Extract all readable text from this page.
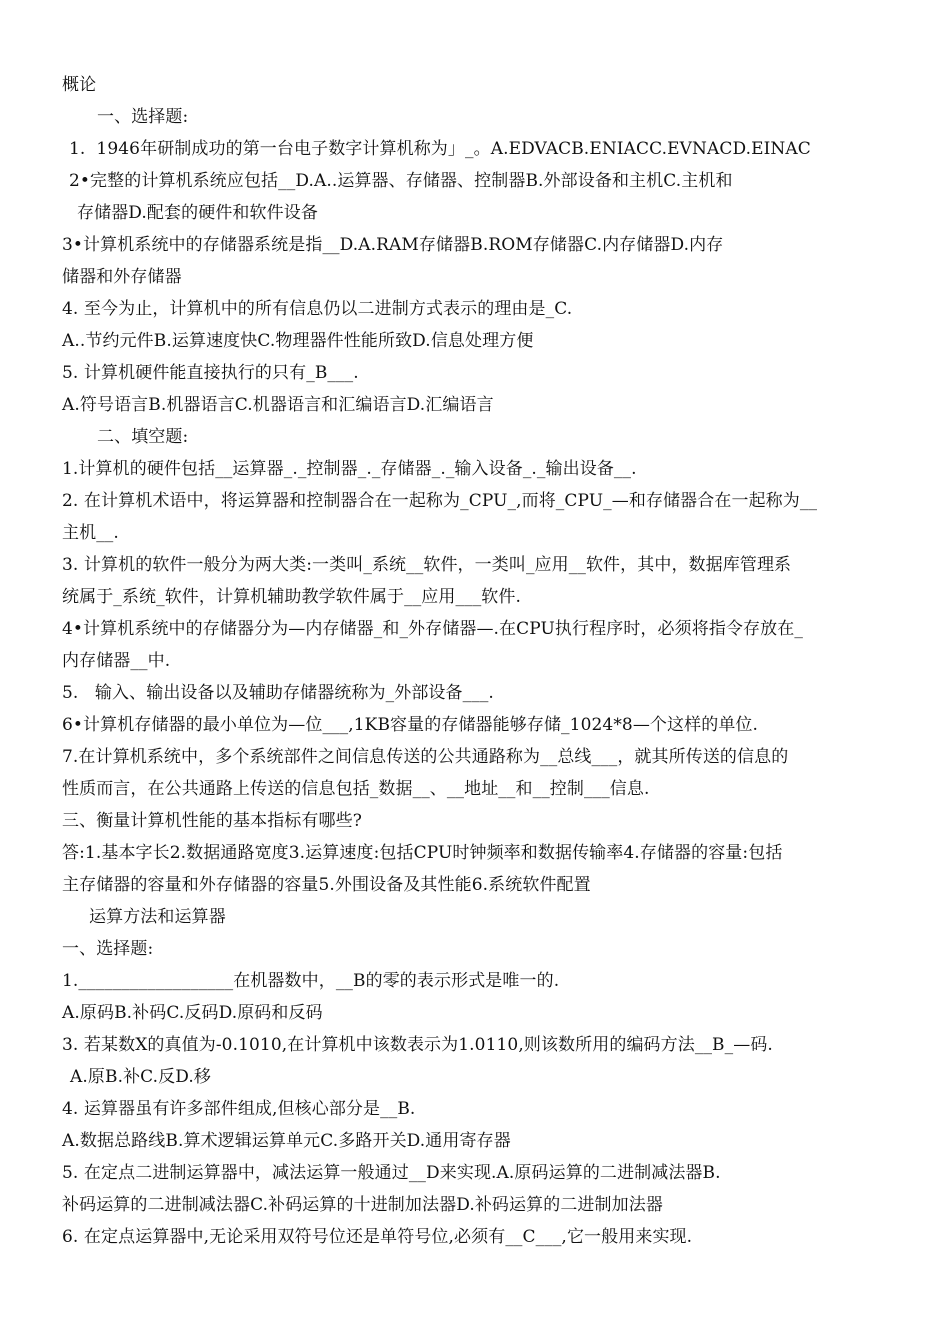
概论
一、选择题:
1.  1946年研制成功的第一台电子数字计算机称为」_。A.EDVACB.ENIACC.EVNACD.EINAC
2•完整的计算机系统应包括__D.A..运算器、存储器、控制器B.外部设备和主机C.主机和
存储器D.配套的硬件和软件设备
3•计算机系统中的存储器系统是指__D.A.RAM存储器B.ROM存储器C.内存储器D.内存
储器和外存储器
4. 至今为止，计算机中的所有信息仍以二进制方式表示的理由是_C.
A..节约元件B.运算速度快C.物理器件性能所致D.信息处理方便
5. 计算机硬件能直接执行的只有_B___.
A.符号语言B.机器语言C.机器语言和汇编语言D.汇编语言
二、填空题:
1.计算机的硬件包括__运算器_._控制器_._存储器_._输入设备_._输出设备__.
2. 在计算机术语中，将运算器和控制器合在一起称为_CPU_,而将_CPU_—和存储器合在一起称为__
主机__.
3. 计算机的软件一般分为两大类:一类叫_系统__软件，一类叫_应用__软件，其中，数据库管理系
统属于_系统_软件，计算机辅助教学软件属于__应用___软件.
4•计算机系统中的存储器分为—内存储器_和_外存储器—.在CPU执行程序时，必须将指令存放在_
内存储器__中.
5.   输入、输出设备以及辅助存储器统称为_外部设备___.
6•计算机存储器的最小单位为—位___,1KB容量的存储器能够存储_1024*8—个这样的单位.
7.在计算机系统中，多个系统部件之间信息传送的公共通路称为__总线___，就其所传送的信息的
性质而言，在公共通路上传送的信息包括_数据__、__地址__和__控制___信息.
三、衡量计算机性能的基本指标有哪些?
答:1.基本字长2.数据通路宽度3.运算速度:包括CPU时钟频率和数据传输率4.存储器的容量:包括
主存储器的容量和外存储器的容量5.外围设备及其性能6.系统软件配置
运算方法和运算器
一、选择题:
1.__________________在机器数中，__B的零的表示形式是唯一的.
A.原码B.补码C.反码D.原码和反码
3. 若某数X的真值为-0.1010,在计算机中该数表示为1.0110,则该数所用的编码方法__B_—码.
A.原B.补C.反D.移
4. 运算器虽有许多部件组成,但核心部分是__B.
A.数据总路线B.算术逻辑运算单元C.多路开关D.通用寄存器
5. 在定点二进制运算器中，减法运算一般通过__D来实现.A.原码运算的二进制减法器B.
补码运算的二进制减法器C.补码运算的十进制加法器D.补码运算的二进制加法器
6. 在定点运算器中,无论采用双符号位还是单符号位,必须有__C___,它一般用来实现.
